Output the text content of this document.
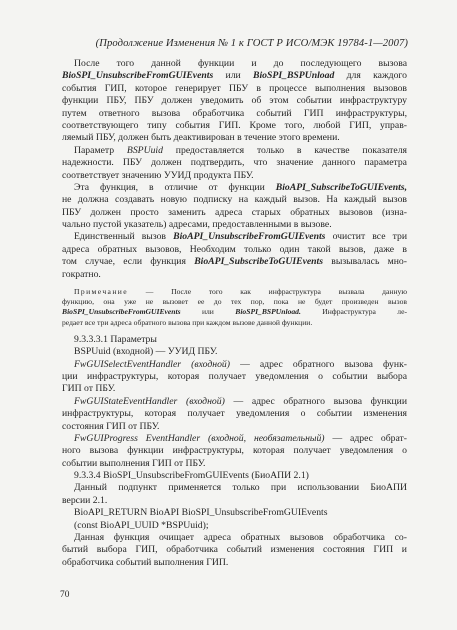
(Продолжение Изменения № 1 к ГОСТ Р ИСО/МЭК 19784-1—2007)
После того данной функции и до последующего вызова
BioSPI_UnsubscribeFromGUIEvents или BioSPI_BSPUnload для каждого
события ГИП, которое генерирует ПБУ в процессе выполнения вызовов
функции ПБУ, ПБУ должен уведомить об этом событии инфраструктуру
путем ответного вызова обработчика событий ГИП инфраструктуры,
соответствующего типу события ГИП. Кроме того, любой ГИП, управ-
ляемый ПБУ, должен быть деактивирован в течение этого времени.
Параметр BSPUuid предоставляется только в качестве показателя
надежности. ПБУ должен подтвердить, что значение данного параметра
соответствует значению УУИД продукта ПБУ.
Эта функция, в отличие от функции BioAPI_SubscribeToGUIEvents,
не должна создавать новую подписку на каждый вызов. На каждый вызов
ПБУ должен просто заменить адреса старых обратных вызовов (изна-
чально пустой указатель) адресами, предоставленными в вызове.
Единственный вызов BioAPI_UnsubscribeFromGUIEvents очистит все три
адреса обратных вызовов, Необходим только один такой вызов, даже в
том случае, если функция BioAPI_SubscribeToGUIEvents вызывалась мно-
гократно.
Примечание — После того как инфраструктура вызвала данную
функцию, она уже не вызовет ее до тех пор, пока не будет произведен вызов
BioSPI_UnsubscribeFromGUIEvents или BioSPI_BSPUnload. Инфраструктура ле-
редает все три адреса обратного вызова при каждом вызове данной функции.
9.3.3.3.1 Параметры
BSPUuid (входной) — УУИД ПБУ.
FwGUISelectEventHandler (входной) — адрес обратного вызова функ-
ции инфраструктуры, которая получает уведомления о событии выбора
ГИП от ПБУ.
FwGUIStateEventHandler (входной) — адрес обратного вызова функции
инфраструктуры, которая получает уведомления о событии изменения
состояния ГИП от ПБУ.
FwGUIProgress EventHandler (входной, необязательный) — адрес обрат-
ного вызова функции инфраструктуры, которая получает уведомления о
событии выполнения ГИП от ПБУ.
9.3.3.4 BioSPI_UnsubscribeFromGUIEvents (БиоАПИ 2.1)
Данный подпункт применяется только при использовании БиоАПИ
версии 2.1.
BioAPI_RETURN BioAPI BioSPI_UnsubscribeFromGUIEvents
(const BioAPI_UUID *BSPUuid);
Данная функция очищает адреса обратных вызовов обработчика со-
бытий выбора ГИП, обработчика событий изменения состояния ГИП и
обработчика событий выполнения ГИП.
70
